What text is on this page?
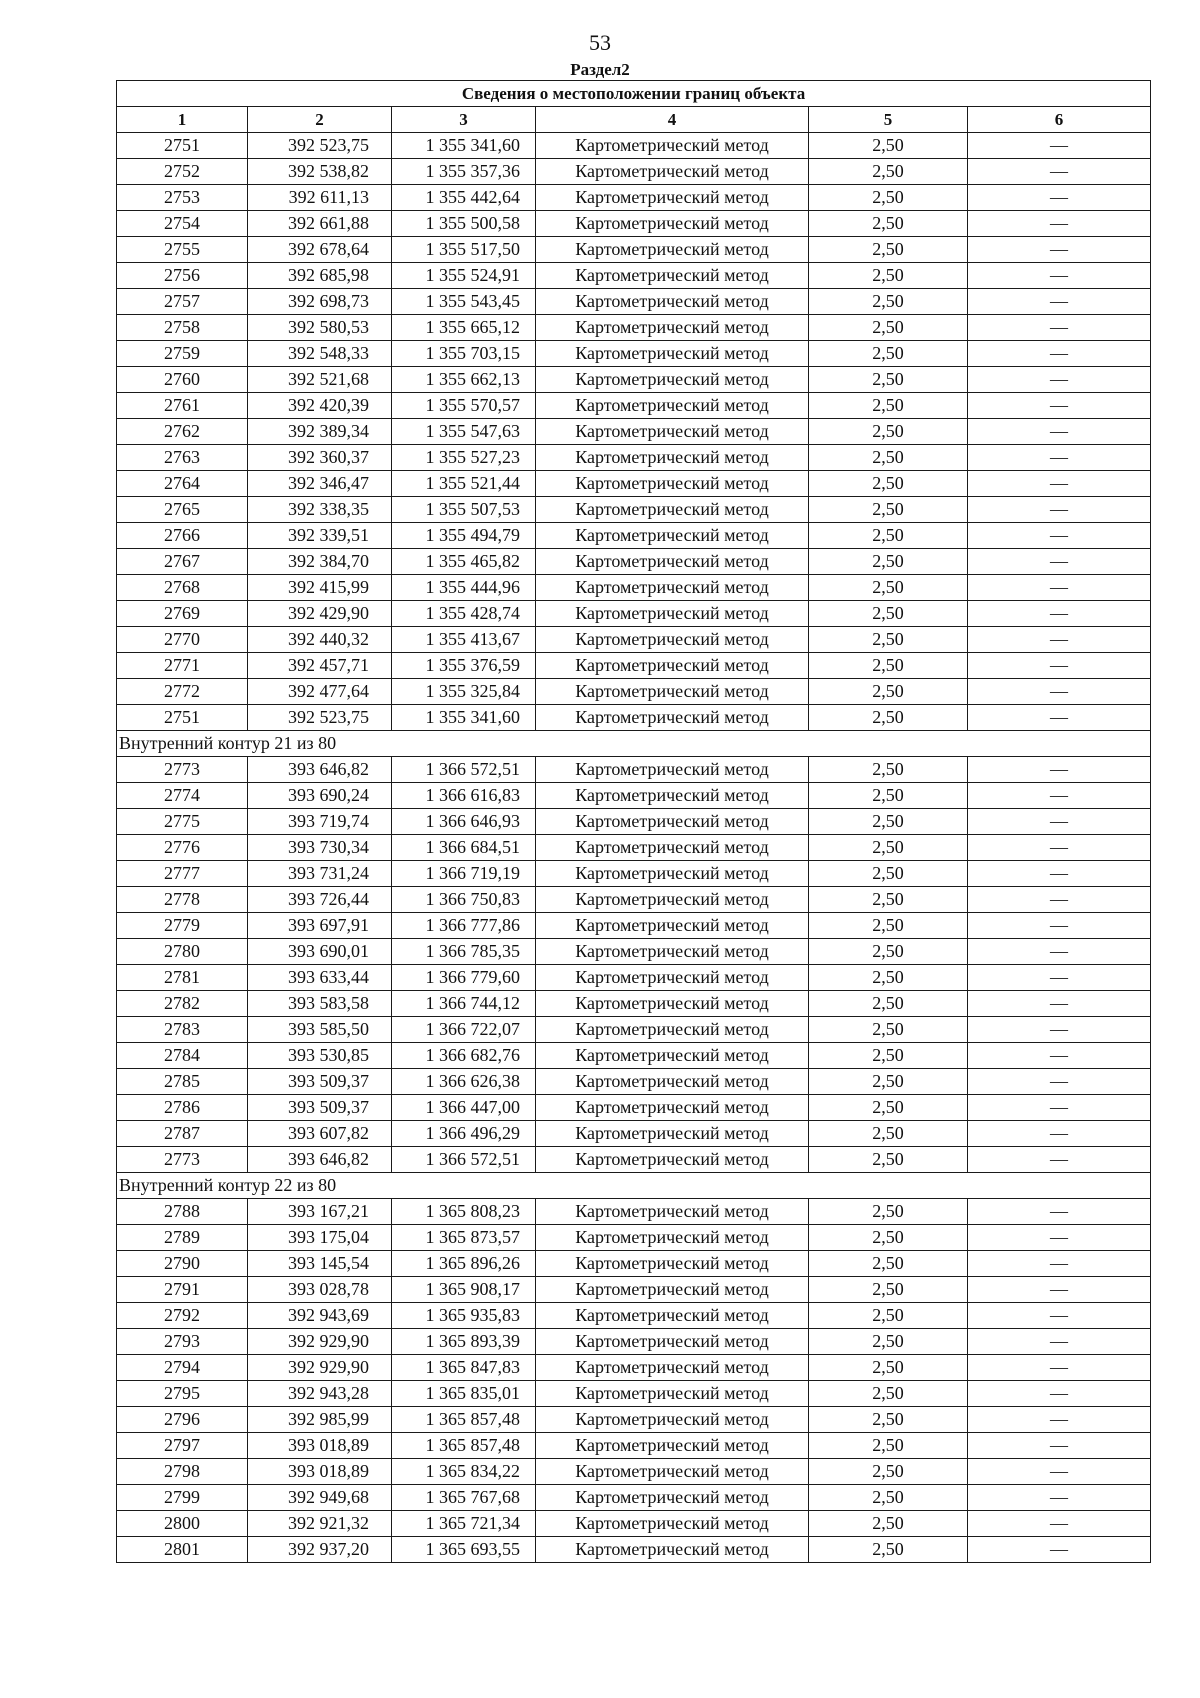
53
Раздел2
Сведения о местоположении границ объекта					
1	2	3	4	5	6
2751	392 523,75	1 355 341,60	Картометрический метод	2,50	—
2752	392 538,82	1 355 357,36	Картометрический метод	2,50	—
2753	392 611,13	1 355 442,64	Картометрический метод	2,50	—
2754	392 661,88	1 355 500,58	Картометрический метод	2,50	—
2755	392 678,64	1 355 517,50	Картометрический метод	2,50	—
2756	392 685,98	1 355 524,91	Картометрический метод	2,50	—
2757	392 698,73	1 355 543,45	Картометрический метод	2,50	—
2758	392 580,53	1 355 665,12	Картометрический метод	2,50	—
2759	392 548,33	1 355 703,15	Картометрический метод	2,50	—
2760	392 521,68	1 355 662,13	Картометрический метод	2,50	—
2761	392 420,39	1 355 570,57	Картометрический метод	2,50	—
2762	392 389,34	1 355 547,63	Картометрический метод	2,50	—
2763	392 360,37	1 355 527,23	Картометрический метод	2,50	—
2764	392 346,47	1 355 521,44	Картометрический метод	2,50	—
2765	392 338,35	1 355 507,53	Картометрический метод	2,50	—
2766	392 339,51	1 355 494,79	Картометрический метод	2,50	—
2767	392 384,70	1 355 465,82	Картометрический метод	2,50	—
2768	392 415,99	1 355 444,96	Картометрический метод	2,50	—
2769	392 429,90	1 355 428,74	Картометрический метод	2,50	—
2770	392 440,32	1 355 413,67	Картометрический метод	2,50	—
2771	392 457,71	1 355 376,59	Картометрический метод	2,50	—
2772	392 477,64	1 355 325,84	Картометрический метод	2,50	—
2751	392 523,75	1 355 341,60	Картометрический метод	2,50	—
Внутренний контур 21 из 80					
2773	393 646,82	1 366 572,51	Картометрический метод	2,50	—
2774	393 690,24	1 366 616,83	Картометрический метод	2,50	—
2775	393 719,74	1 366 646,93	Картометрический метод	2,50	—
2776	393 730,34	1 366 684,51	Картометрический метод	2,50	—
2777	393 731,24	1 366 719,19	Картометрический метод	2,50	—
2778	393 726,44	1 366 750,83	Картометрический метод	2,50	—
2779	393 697,91	1 366 777,86	Картометрический метод	2,50	—
2780	393 690,01	1 366 785,35	Картометрический метод	2,50	—
2781	393 633,44	1 366 779,60	Картометрический метод	2,50	—
2782	393 583,58	1 366 744,12	Картометрический метод	2,50	—
2783	393 585,50	1 366 722,07	Картометрический метод	2,50	—
2784	393 530,85	1 366 682,76	Картометрический метод	2,50	—
2785	393 509,37	1 366 626,38	Картометрический метод	2,50	—
2786	393 509,37	1 366 447,00	Картометрический метод	2,50	—
2787	393 607,82	1 366 496,29	Картометрический метод	2,50	—
2773	393 646,82	1 366 572,51	Картометрический метод	2,50	—
Внутренний контур 22 из 80					
2788	393 167,21	1 365 808,23	Картометрический метод	2,50	—
2789	393 175,04	1 365 873,57	Картометрический метод	2,50	—
2790	393 145,54	1 365 896,26	Картометрический метод	2,50	—
2791	393 028,78	1 365 908,17	Картометрический метод	2,50	—
2792	392 943,69	1 365 935,83	Картометрический метод	2,50	—
2793	392 929,90	1 365 893,39	Картометрический метод	2,50	—
2794	392 929,90	1 365 847,83	Картометрический метод	2,50	—
2795	392 943,28	1 365 835,01	Картометрический метод	2,50	—
2796	392 985,99	1 365 857,48	Картометрический метод	2,50	—
2797	393 018,89	1 365 857,48	Картометрический метод	2,50	—
2798	393 018,89	1 365 834,22	Картометрический метод	2,50	—
2799	392 949,68	1 365 767,68	Картометрический метод	2,50	—
2800	392 921,32	1 365 721,34	Картометрический метод	2,50	—
2801	392 937,20	1 365 693,55	Картометрический метод	2,50	—
